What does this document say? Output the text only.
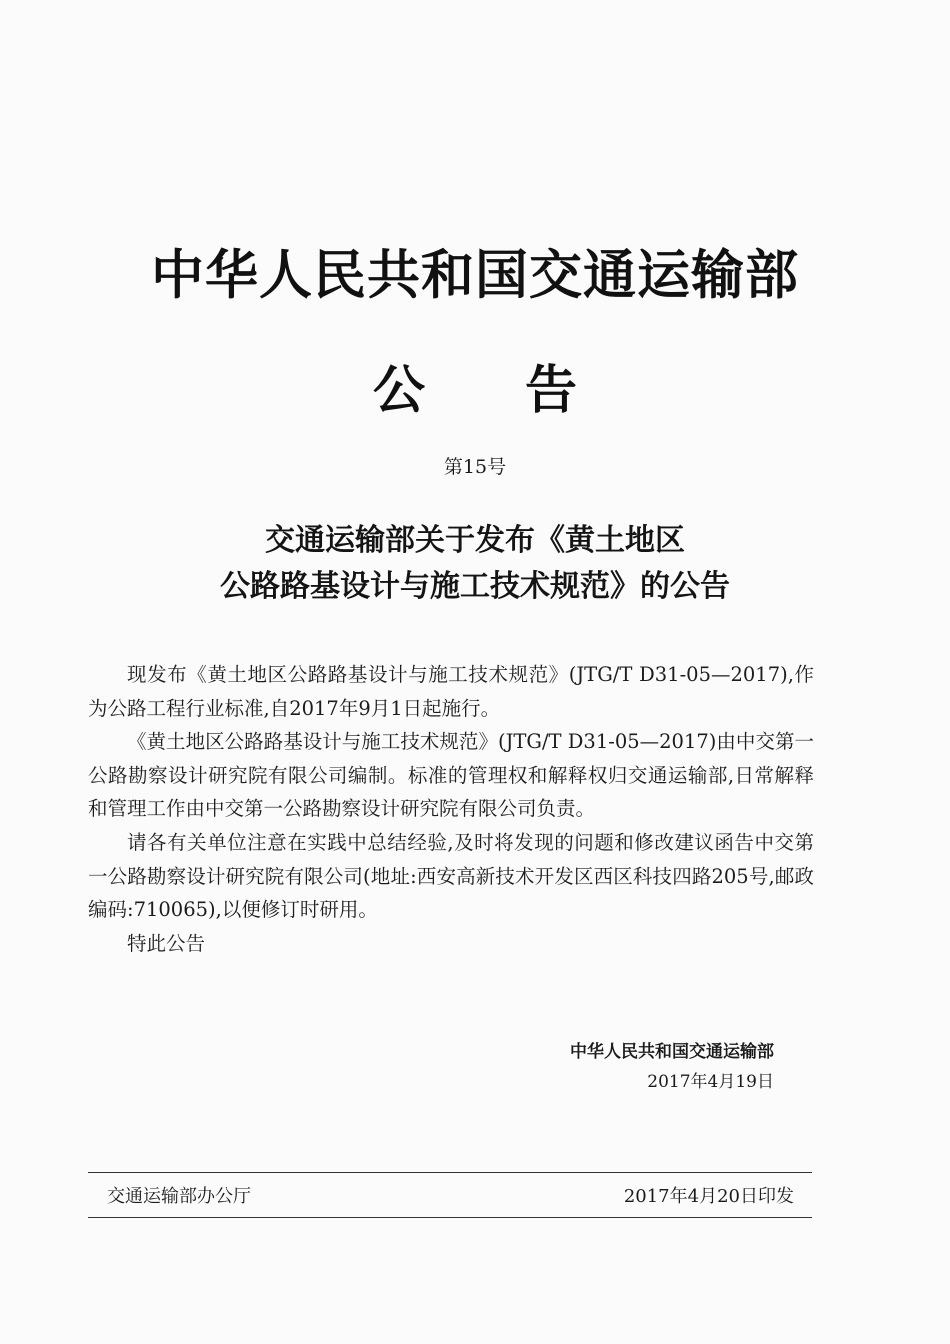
中华人民共和国交通运输部
公 告
第15号
交通运输部关于发布《黄土地区
公路路基设计与施工技术规范》的公告

现发布《黄土地区公路路基设计与施工技术规范》(JTG/T D31-05—2017),作为公路工程行业标准,自2017年9月1日起施行。

《黄土地区公路路基设计与施工技术规范》(JTG/T D31-05—2017)由中交第一公路勘察设计研究院有限公司编制。标准的管理权和解释权归交通运输部,日常解释和管理工作由中交第一公路勘察设计研究院有限公司负责。

请各有关单位注意在实践中总结经验,及时将发现的问题和修改建议函告中交第一公路勘察设计研究院有限公司(地址:西安高新技术开发区西区科技四路205号,邮政编码:710065),以便修订时研用。

特此公告

中华人民共和国交通运输部
2017年4月19日
交通运输部办公厅	2017年4月20日印发
